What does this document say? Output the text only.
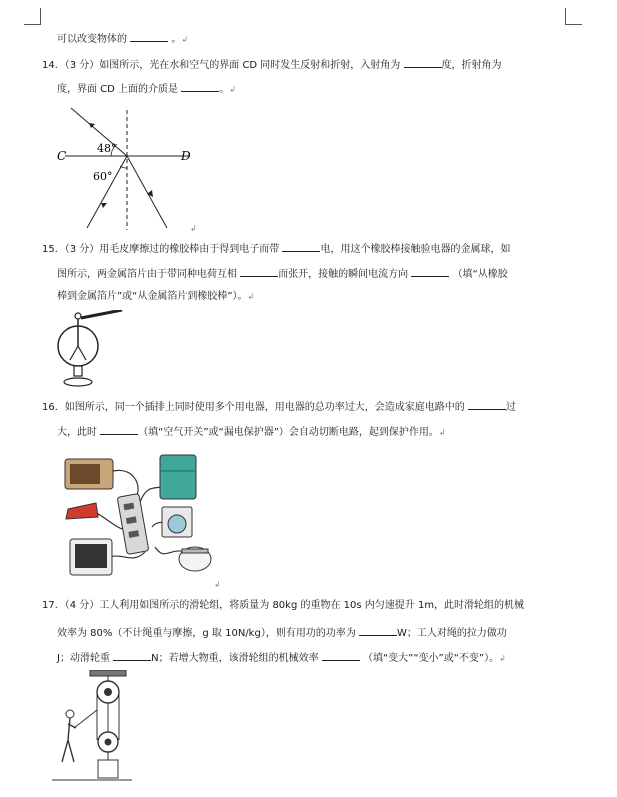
可以改变物体的	。↲
14．（3 分）如图所示，光在水和空气的界面 CD 同时发生反射和折射，入射角为	度，折射角为
度，界面 CD 上面的介质是	。↲
C	D
48°
60°
↲
15．（3 分）用毛皮摩擦过的橡胶棒由于得到电子而带	电，用这个橡胶棒接触验电器的金属球，如
图所示，两金属箔片由于带同种电荷互相	而张开，接触的瞬间电流方向	（填“从橡胶
棒到金属箔片”或“从金属箔片到橡胶棒”）。↲
16．如图所示，同一个插排上同时使用多个用电器，用电器的总功率过大，会造成家庭电路中的	过
大，此时	（填“空气开关”或“漏电保护器”）会自动切断电路，起到保护作用。↲
↲
17．（4 分）工人利用如图所示的滑轮组，将质量为 80kg 的重物在 10s 内匀速提升 1m，此时滑轮组的机械
效率为 80%（不计绳重与摩擦，g 取 10N/kg），则有用功的功率为	W；工人对绳的拉力做功
J；动滑轮重	N；若增大物重，该滑轮组的机械效率	（填“变大”“变小”或“不变”）。↲
